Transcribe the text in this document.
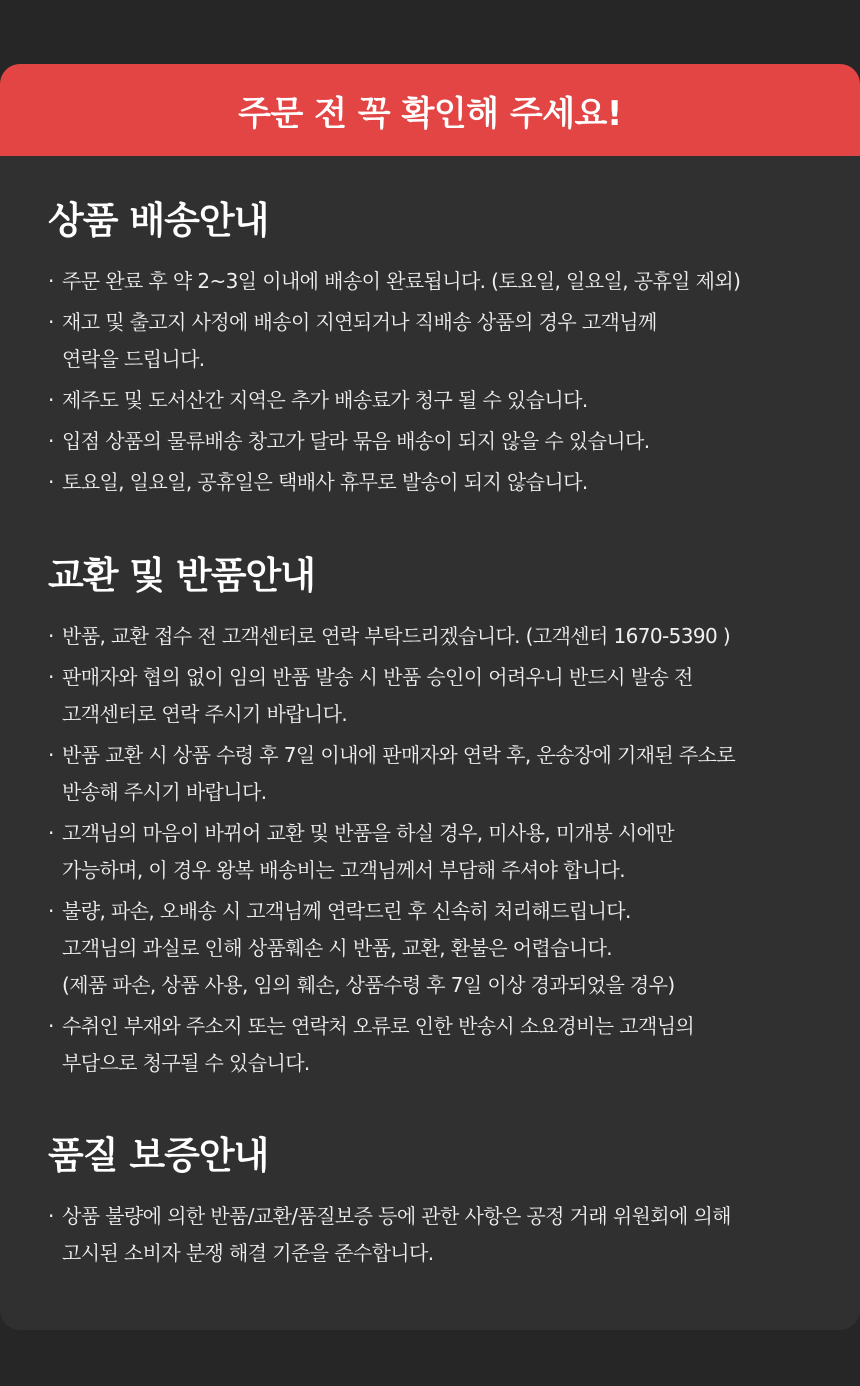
주문 전 꼭 확인해 주세요!
상품 배송안내
· 주문 완료 후 약 2~3일 이내에 배송이 완료됩니다. (토요일, 일요일, 공휴일 제외)
· 재고 및 출고지 사정에 배송이 지연되거나 직배송 상품의 경우 고객님께
연락을 드립니다.
· 제주도 및 도서산간 지역은 추가 배송료가 청구 될 수 있습니다.
· 입점 상품의 물류배송 창고가 달라 묶음 배송이 되지 않을 수 있습니다.
· 토요일, 일요일, 공휴일은 택배사 휴무로 발송이 되지 않습니다.
교환 및 반품안내
· 반품, 교환 접수 전 고객센터로 연락 부탁드리겠습니다. (고객센터 1670-5390 )
· 판매자와 협의 없이 임의 반품 발송 시 반품 승인이 어려우니 반드시 발송 전
고객센터로 연락 주시기 바랍니다.
· 반품 교환 시 상품 수령 후 7일 이내에 판매자와 연락 후, 운송장에 기재된 주소로
반송해 주시기 바랍니다.
· 고객님의 마음이 바뀌어 교환 및 반품을 하실 경우, 미사용, 미개봉 시에만
가능하며, 이 경우 왕복 배송비는 고객님께서 부담해 주셔야 합니다.
· 불량, 파손, 오배송 시 고객님께 연락드린 후 신속히 처리해드립니다.
고객님의 과실로 인해 상품훼손 시 반품, 교환, 환불은 어렵습니다.
(제품 파손, 상품 사용, 임의 훼손, 상품수령 후 7일 이상 경과되었을 경우)
· 수취인 부재와 주소지 또는 연락처 오류로 인한 반송시 소요경비는 고객님의
부담으로 청구될 수 있습니다.
품질 보증안내
· 상품 불량에 의한 반품/교환/품질보증 등에 관한 사항은 공정 거래 위원회에 의해
고시된 소비자 분쟁 해결 기준을 준수합니다.
